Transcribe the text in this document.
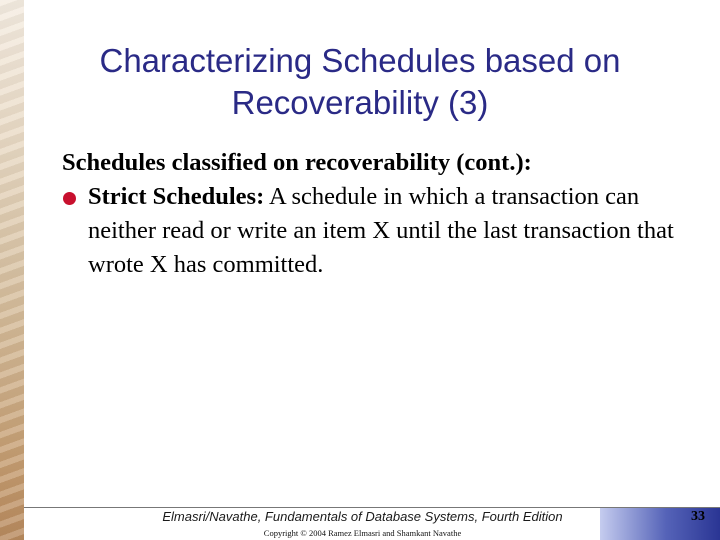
Characterizing Schedules based on
Recoverability (3)
Schedules classified on recoverability (cont.):
Strict Schedules: A schedule in which a transaction can neither read or write an item X until the last transaction that wrote X has committed.
Elmasri/Navathe, Fundamentals of Database Systems, Fourth Edition
Copyright © 2004 Ramez Elmasri and Shamkant Navathe
33
